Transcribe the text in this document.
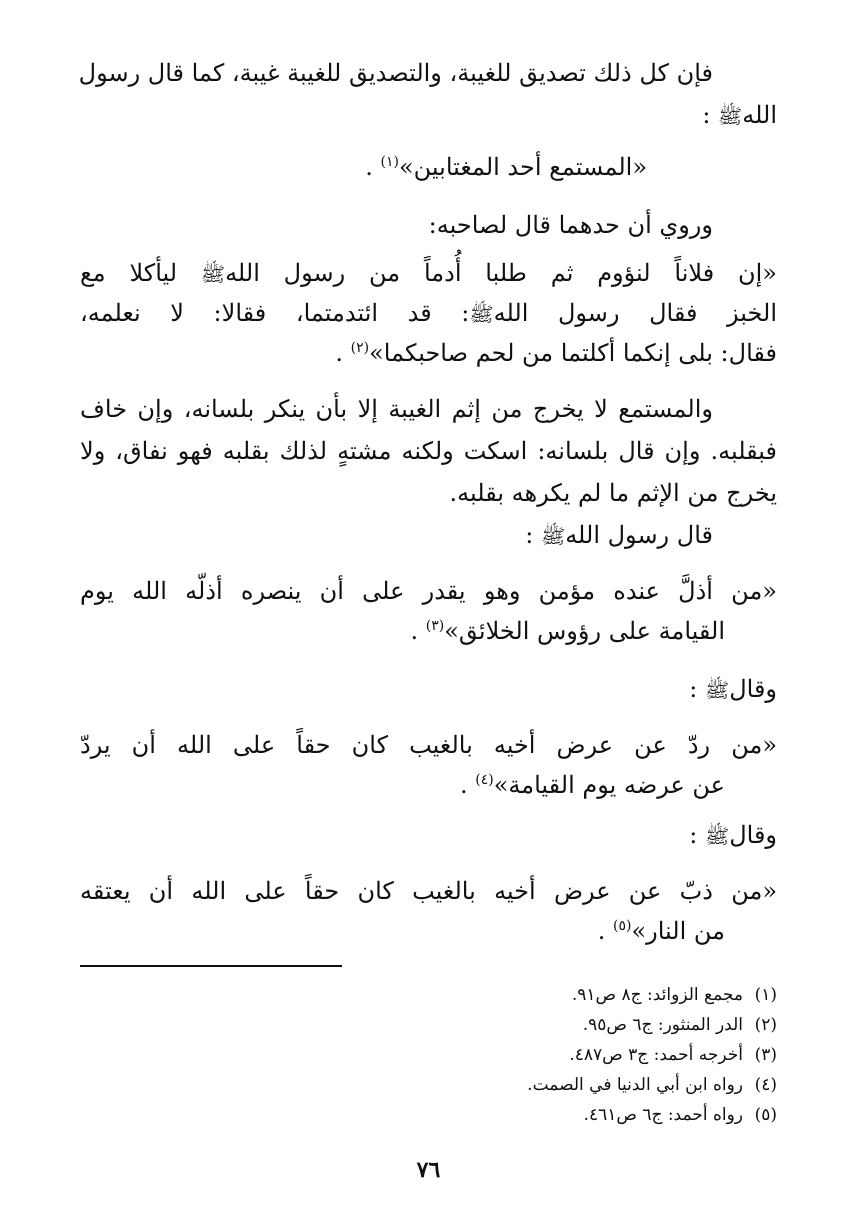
فإن كل ذلك تصديق للغيبة، والتصديق للغيبة غيبة، كما قال رسول
اللهﷺ :
«المستمع أحد المغتابين»$^{(١)}$ .
وروي أن حدهما قال لصاحبه:
«إن فلاناً لنؤوم ثم طلبا أُدماً من رسول اللهﷺ ليأكلا مع
الخبز فقال رسول اللهﷺ: قد ائتدمتما، فقالا: لا نعلمه،
فقال: بلى إنكما أكلتما من لحم صاحبكما»$^{(٢)}$ .
والمستمع لا يخرج من إثم الغيبة إلا بأن ينكر بلسانه، وإن خاف
فبقلبه. وإن قال بلسانه: اسكت ولكنه مشتهٍ لذلك بقلبه فهو نفاق، ولا
يخرج من الإثم ما لم يكرهه بقلبه.
قال رسول اللهﷺ :
«من أذلَّ عنده مؤمن وهو يقدر على أن ينصره أذلّه الله يوم
القيامة على رؤوس الخلائق»$^{(٣)}$ .
وقالﷺ :
«من ردّ عن عرض أخيه بالغيب كان حقاً على الله أن يردّ
عن عرضه يوم القيامة»$^{(٤)}$ .
وقالﷺ :
«من ذبّ عن عرض أخيه بالغيب كان حقاً على الله أن يعتقه
من النار»$^{(٥)}$ .
(١)مجمع الزوائد: ج٨ ص٩١.
(٢)الدر المنثور: ج٦ ص٩٥.
(٣)أخرجه أحمد: ج٣ ص٤٨٧.
(٤)رواه ابن أبي الدنيا في الصمت.
(٥)رواه أحمد: ج٦ ص٤٦١.
٧٦
